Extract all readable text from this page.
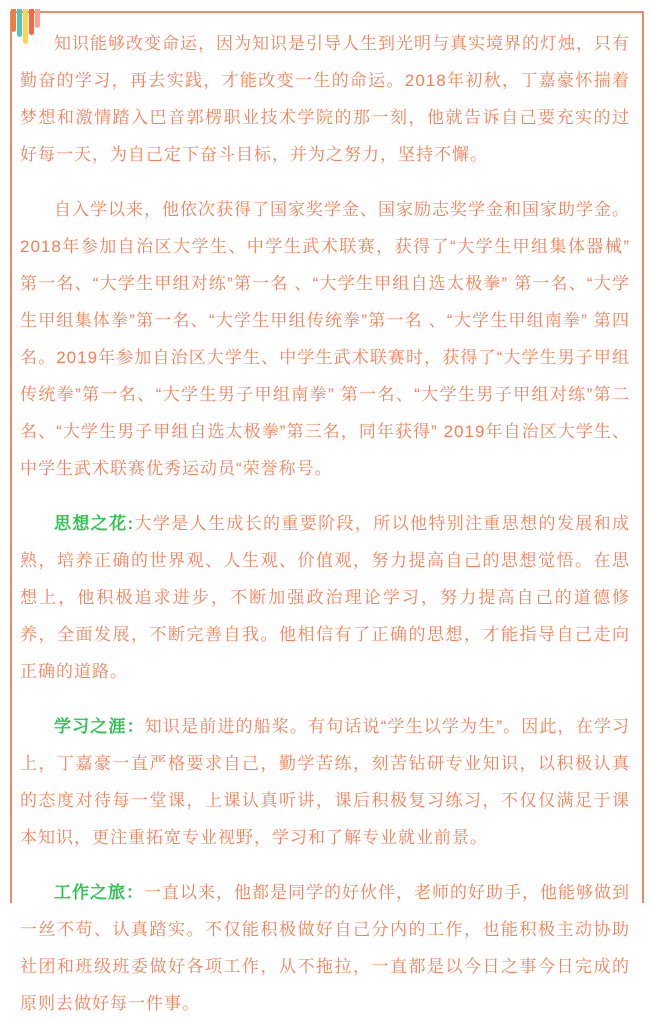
知识能够改变命运，因为知识是引导人生到光明与真实境界的灯烛，只有勤奋的学习，再去实践，才能改变一生的命运。2018年初秋，丁嘉豪怀揣着梦想和激情踏入巴音郭楞职业技术学院的那一刻，他就告诉自己要充实的过好每一天，为自己定下奋斗目标，并为之努力，坚持不懈。

自入学以来，他依次获得了国家奖学金、国家励志奖学金和国家助学金。2018年参加自治区大学生、中学生武术联赛，获得了“大学生甲组集体器械” 第一名、“大学生甲组对练”第一名 、“大学生甲组自选太极拳” 第一名、“大学生甲组集体拳”第一名、“大学生甲组传统拳”第一名 、“大学生甲组南拳” 第四名。2019年参加自治区大学生、中学生武术联赛时，获得了“大学生男子甲组传统拳”第一名、“大学生男子甲组南拳” 第一名、“大学生男子甲组对练”第二名、“大学生男子甲组自选太极拳”第三名，同年获得” 2019年自治区大学生、中学生武术联赛优秀运动员“荣誉称号。

思想之花:大学是人生成长的重要阶段，所以他特别注重思想的发展和成熟，培养正确的世界观、人生观、价值观，努力提高自己的思想觉悟。在思想上，他积极追求进步，不断加强政治理论学习，努力提高自己的道德修养，全面发展，不断完善自我。他相信有了正确的思想，才能指导自己走向正确的道路。

学习之涯：知识是前进的船桨。有句话说“学生以学为生”。因此，在学习上，丁嘉豪一直严格要求自己，勤学苦练，刻苦钻研专业知识，以积极认真的态度对待每一堂课，上课认真听讲，课后积极复习练习，不仅仅满足于课本知识，更注重拓宽专业视野，学习和了解专业就业前景。

工作之旅：一直以来，他都是同学的好伙伴，老师的好助手，他能够做到一丝不苟、认真踏实。不仅能积极做好自己分内的工作，也能积极主动协助社团和班级班委做好各项工作，从不拖拉，一直都是以今日之事今日完成的原则去做好每一件事。
